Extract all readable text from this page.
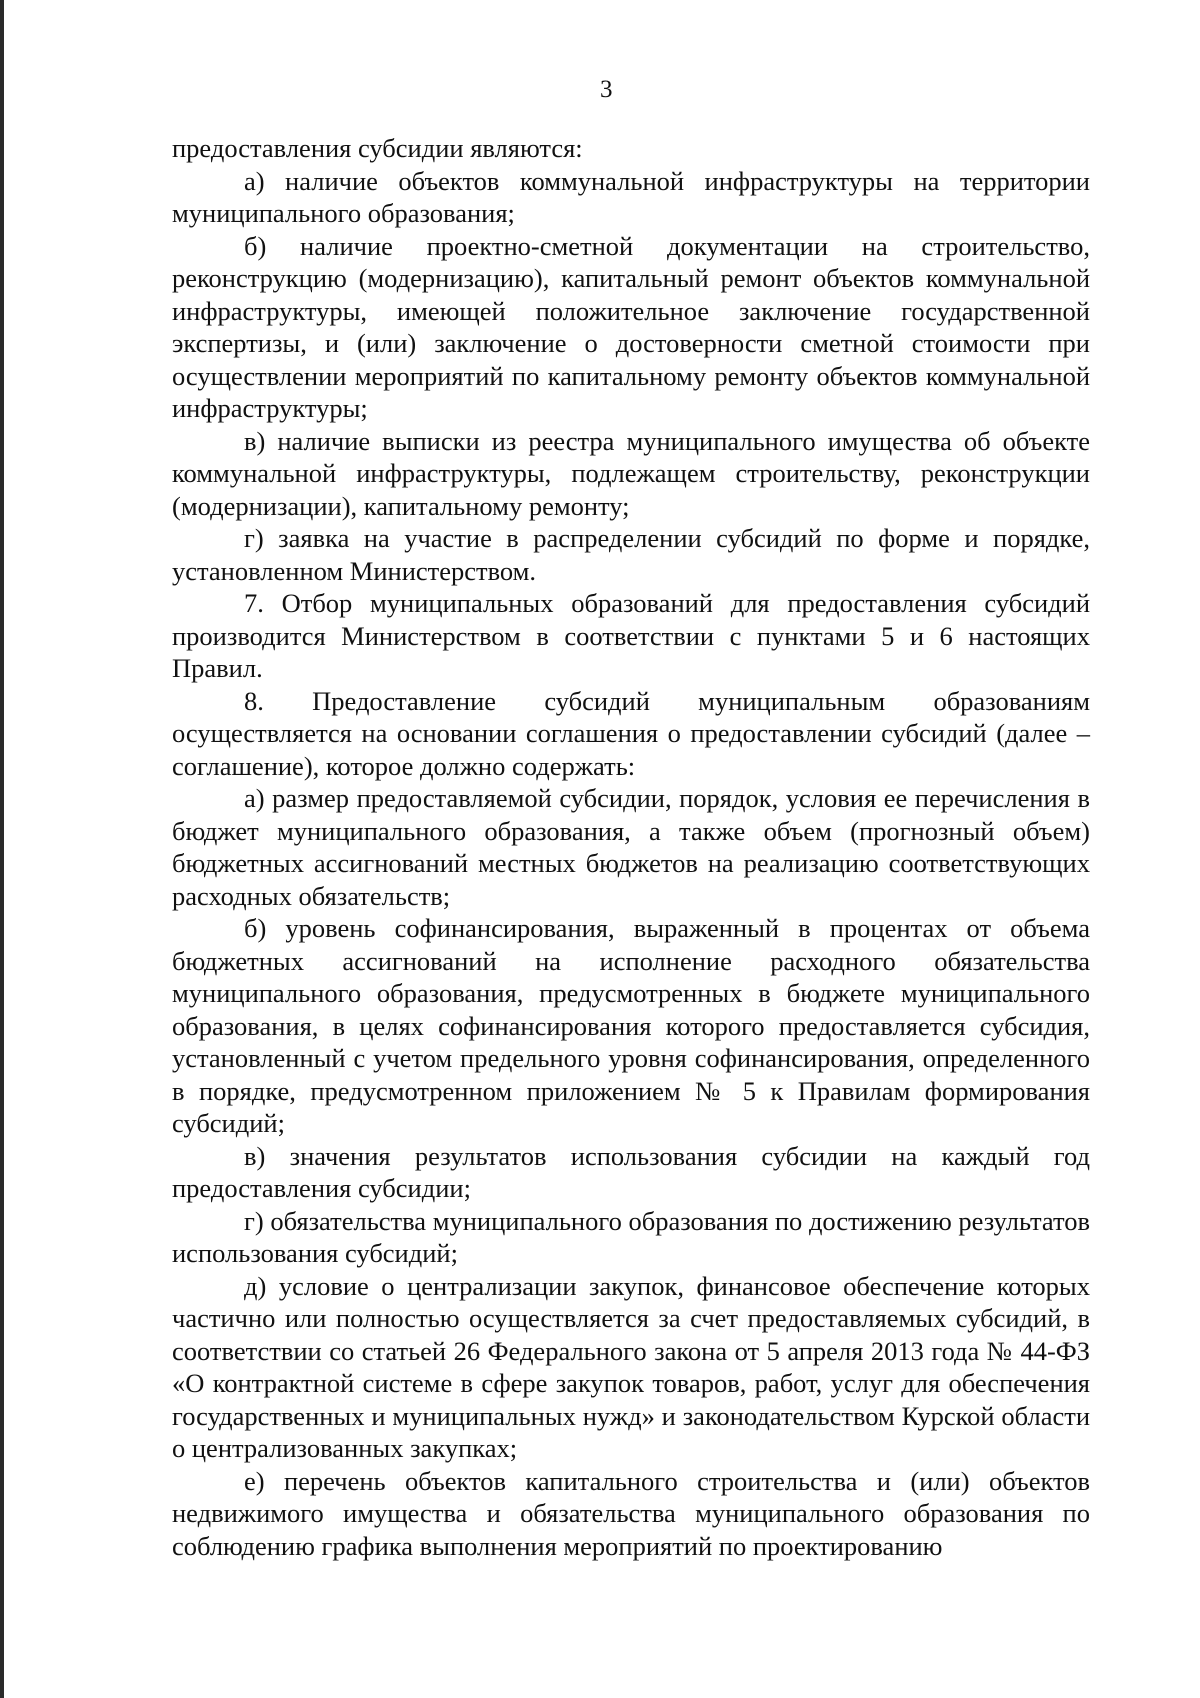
3

предоставления субсидии являются:

а) наличие объектов коммунальной инфраструктуры на территории муниципального образования;

б) наличие проектно-сметной документации на строительство, реконструкцию (модернизацию), капитальный ремонт объектов коммунальной инфраструктуры, имеющей положительное заключение государственной экспертизы, и (или) заключение о достоверности сметной стоимости при осуществлении мероприятий по капитальному ремонту объектов коммунальной инфраструктуры;

в) наличие выписки из реестра муниципального имущества об объекте коммунальной инфраструктуры, подлежащем строительству, реконструкции (модернизации), капитальному ремонту;

г) заявка на участие в распределении субсидий по форме и порядке, установленном Министерством.

7. Отбор муниципальных образований для предоставления субсидий производится Министерством в соответствии с пунктами 5 и 6 настоящих Правил.

8. Предоставление субсидий муниципальным образованиям осуществляется на основании соглашения о предоставлении субсидий (далее – соглашение), которое должно содержать:

а) размер предоставляемой субсидии, порядок, условия ее перечисления в бюджет муниципального образования, а также объем (прогнозный объем) бюджетных ассигнований местных бюджетов на реализацию соответствующих расходных обязательств;

б) уровень софинансирования, выраженный в процентах от объема бюджетных ассигнований на исполнение расходного обязательства муниципального образования, предусмотренных в бюджете муниципального образования, в целях софинансирования которого предоставляется субсидия, установленный с учетом предельного уровня софинансирования, определенного в порядке, предусмотренном приложением № 5 к Правилам формирования субсидий;

в) значения результатов использования субсидии на каждый год предоставления субсидии;

г) обязательства муниципального образования по достижению результатов использования субсидий;

д) условие о централизации закупок, финансовое обеспечение которых частично или полностью осуществляется за счет предоставляемых субсидий, в соответствии со статьей 26 Федерального закона от 5 апреля 2013 года № 44-ФЗ «О контрактной системе в сфере закупок товаров, работ, услуг для обеспечения государственных и муниципальных нужд» и законодательством Курской области о централизованных закупках;

е) перечень объектов капитального строительства и (или) объектов недвижимого имущества и обязательства муниципального образования по соблюдению графика выполнения мероприятий по проектированию
